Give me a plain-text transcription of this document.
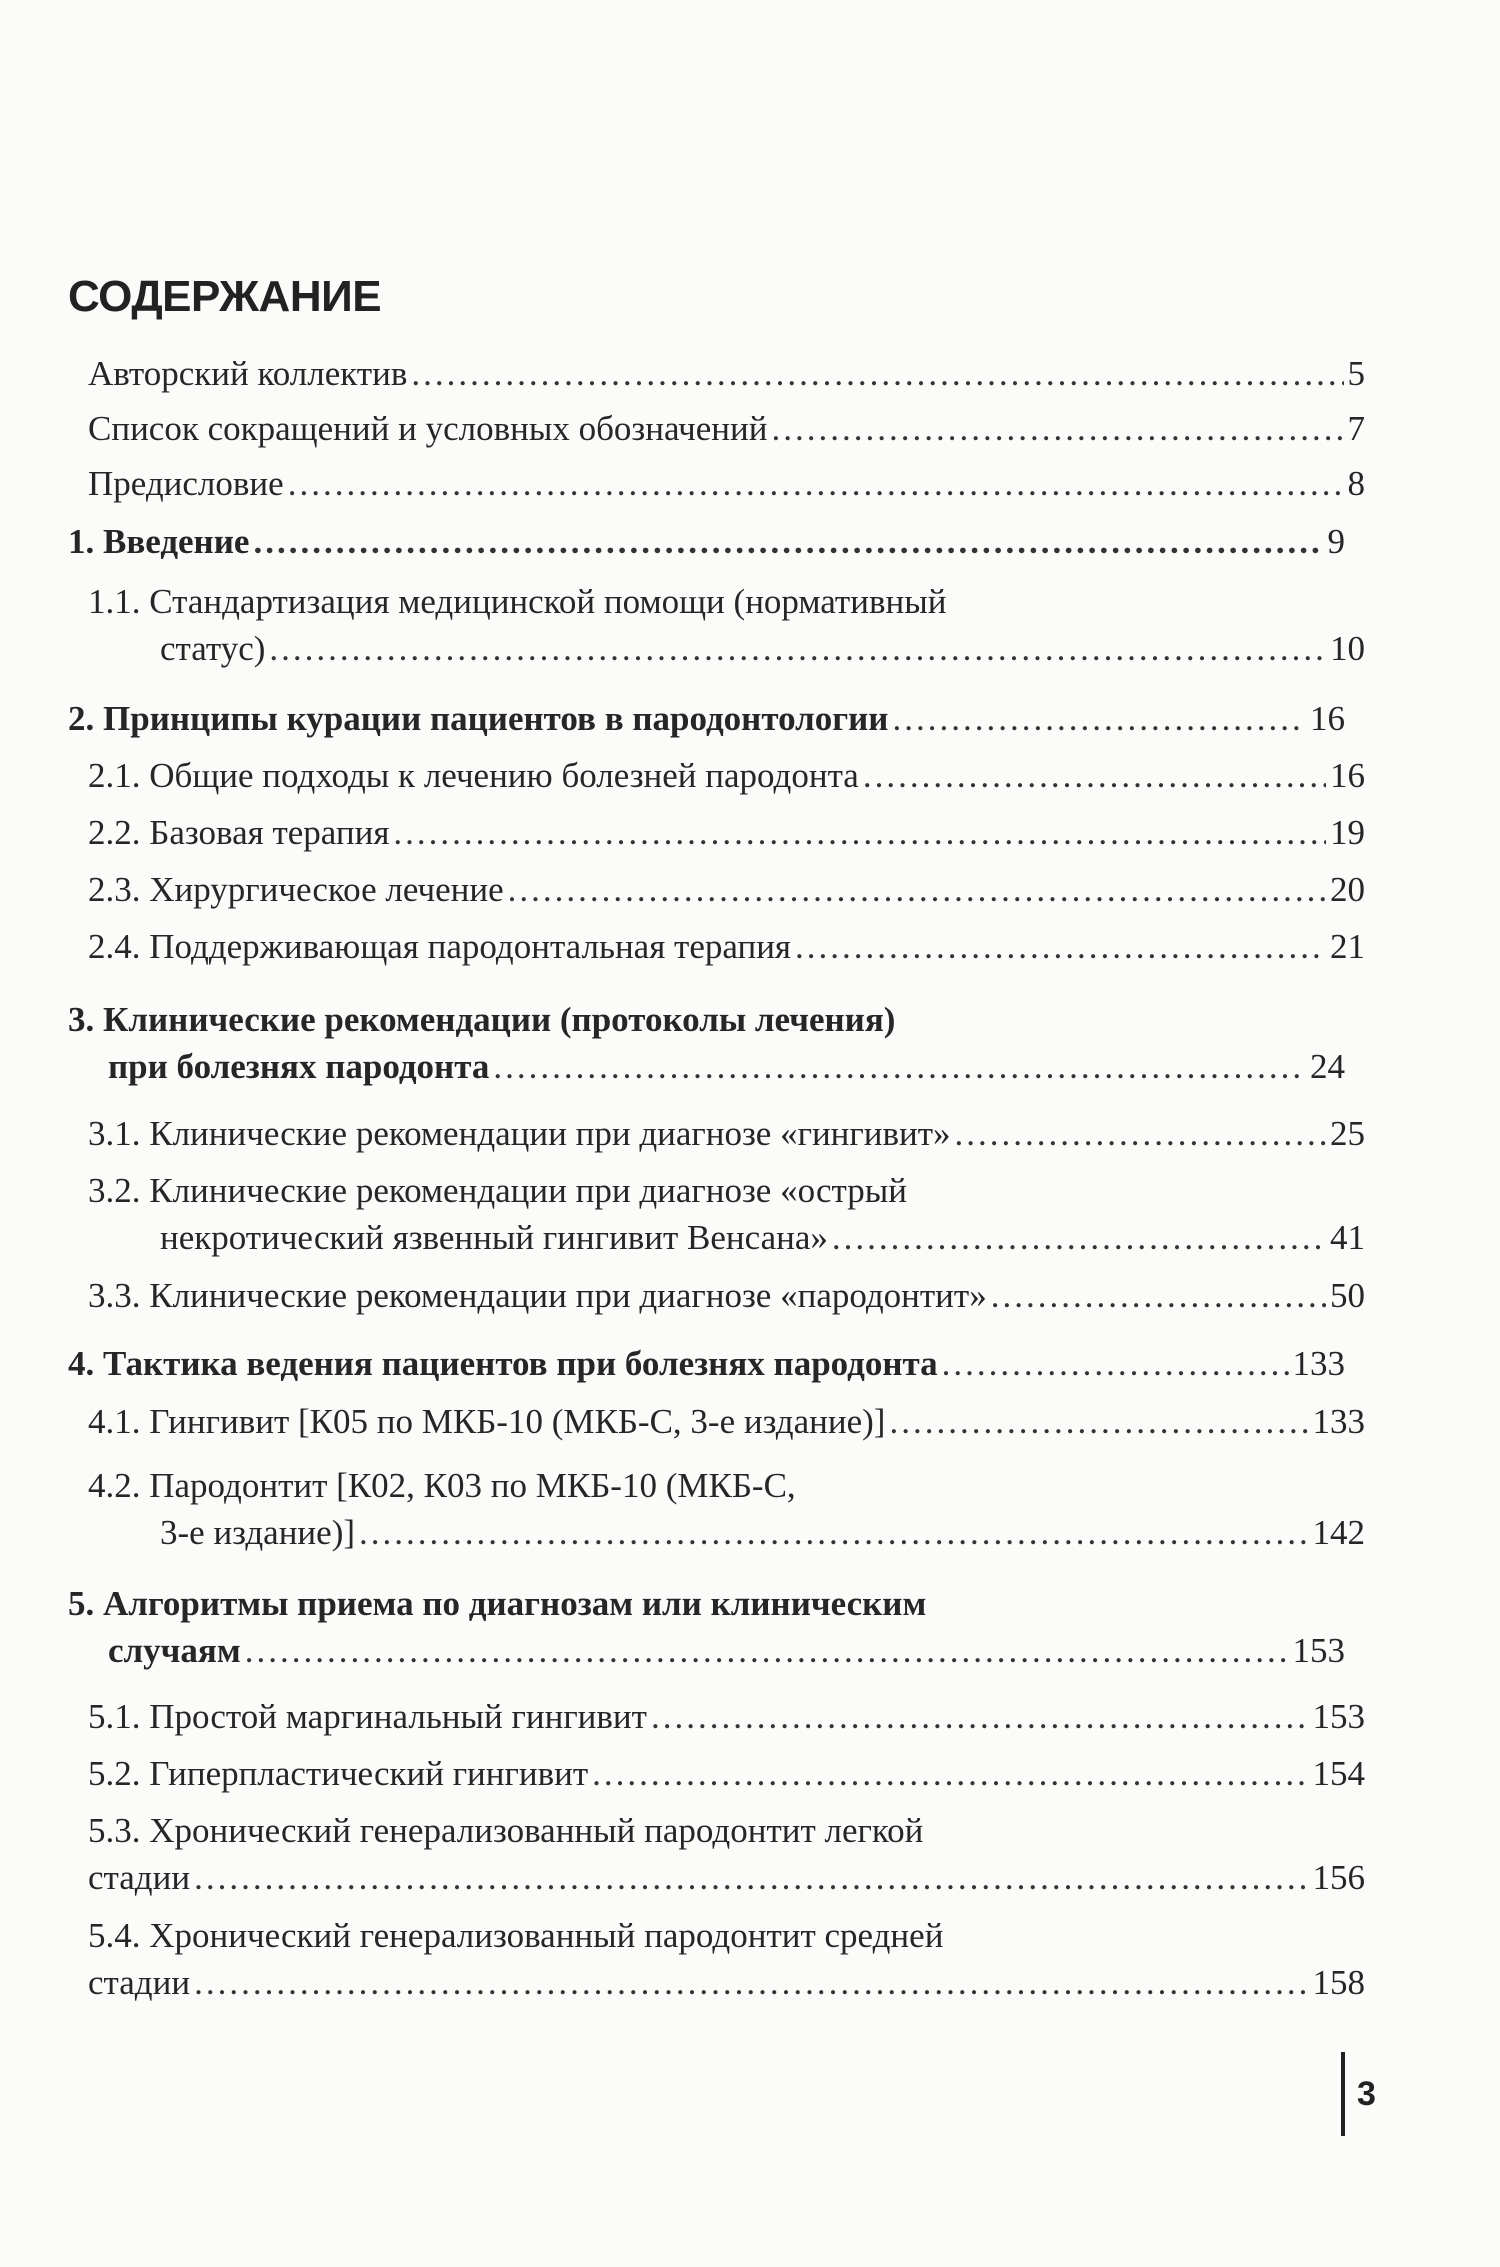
СОДЕРЖАНИЕ
Авторский коллектив .....	5
Список сокращений и условных обозначений .....	7
Предисловие .....	8
1. Введение .....	9
1.1. Стандартизация медицинской помощи (нормативный
статус) .....	10
2. Принципы курации пациентов в пародонтологии .....	16
2.1. Общие подходы к лечению болезней пародонта .....	16
2.2. Базовая терапия .....	19
2.3. Хирургическое лечение .....	20
2.4. Поддерживающая пародонтальная терапия .....	21
3. Клинические рекомендации (протоколы лечения)
при болезнях пародонта .....	24
3.1. Клинические рекомендации при диагнозе «гингивит» .....	25
3.2. Клинические рекомендации при диагнозе «острый
некротический язвенный гингивит Венсана» .....	41
3.3. Клинические рекомендации при диагнозе «пародонтит» .....	50
4. Тактика ведения пациентов при болезнях пародонта .....	133
4.1. Гингивит [К05 по МКБ-10 (МКБ-С, 3-е издание)] .....	133
4.2. Пародонтит [К02, К03 по МКБ-10 (МКБ-С,
3-е издание)] .....	142
5. Алгоритмы приема по диагнозам или клиническим
случаям .....	153
5.1. Простой маргинальный гингивит .....	153
5.2. Гиперпластический гингивит .....	154
5.3. Хронический генерализованный пародонтит легкой
стадии .....	156
5.4. Хронический генерализованный пародонтит средней
стадии .....	158
3
